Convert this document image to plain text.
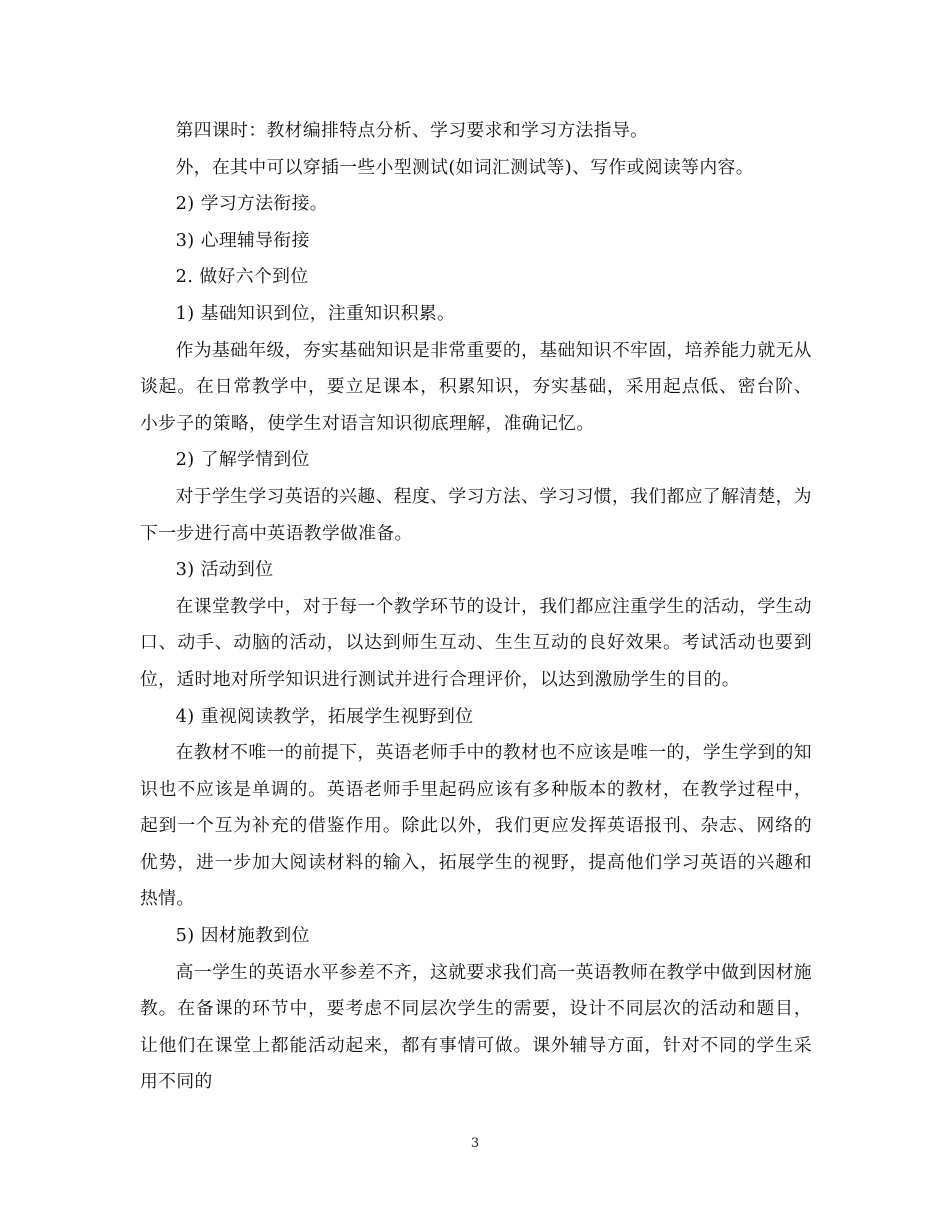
第四课时：教材编排特点分析、学习要求和学习方法指导。

外，在其中可以穿插一些小型测试(如词汇测试等)、写作或阅读等内容。

2) 学习方法衔接。

3) 心理辅导衔接

2. 做好六个到位

1) 基础知识到位，注重知识积累。

作为基础年级，夯实基础知识是非常重要的，基础知识不牢固，培养能力就无从谈起。在日常教学中，要立足课本，积累知识，夯实基础，采用起点低、密台阶、小步子的策略，使学生对语言知识彻底理解，准确记忆。

2) 了解学情到位

对于学生学习英语的兴趣、程度、学习方法、学习习惯，我们都应了解清楚，为下一步进行高中英语教学做准备。

3) 活动到位

在课堂教学中，对于每一个教学环节的设计，我们都应注重学生的活动，学生动口、动手、动脑的活动，以达到师生互动、生生互动的良好效果。考试活动也要到位，适时地对所学知识进行测试并进行合理评价，以达到激励学生的目的。

4) 重视阅读教学，拓展学生视野到位

在教材不唯一的前提下，英语老师手中的教材也不应该是唯一的，学生学到的知识也不应该是单调的。英语老师手里起码应该有多种版本的教材，在教学过程中，起到一个互为补充的借鉴作用。除此以外，我们更应发挥英语报刊、杂志、网络的优势，进一步加大阅读材料的输入，拓展学生的视野，提高他们学习英语的兴趣和热情。

5) 因材施教到位

高一学生的英语水平参差不齐，这就要求我们高一英语教师在教学中做到因材施教。在备课的环节中，要考虑不同层次学生的需要，设计不同层次的活动和题目，让他们在课堂上都能活动起来，都有事情可做。课外辅导方面，针对不同的学生采用不同的

3
